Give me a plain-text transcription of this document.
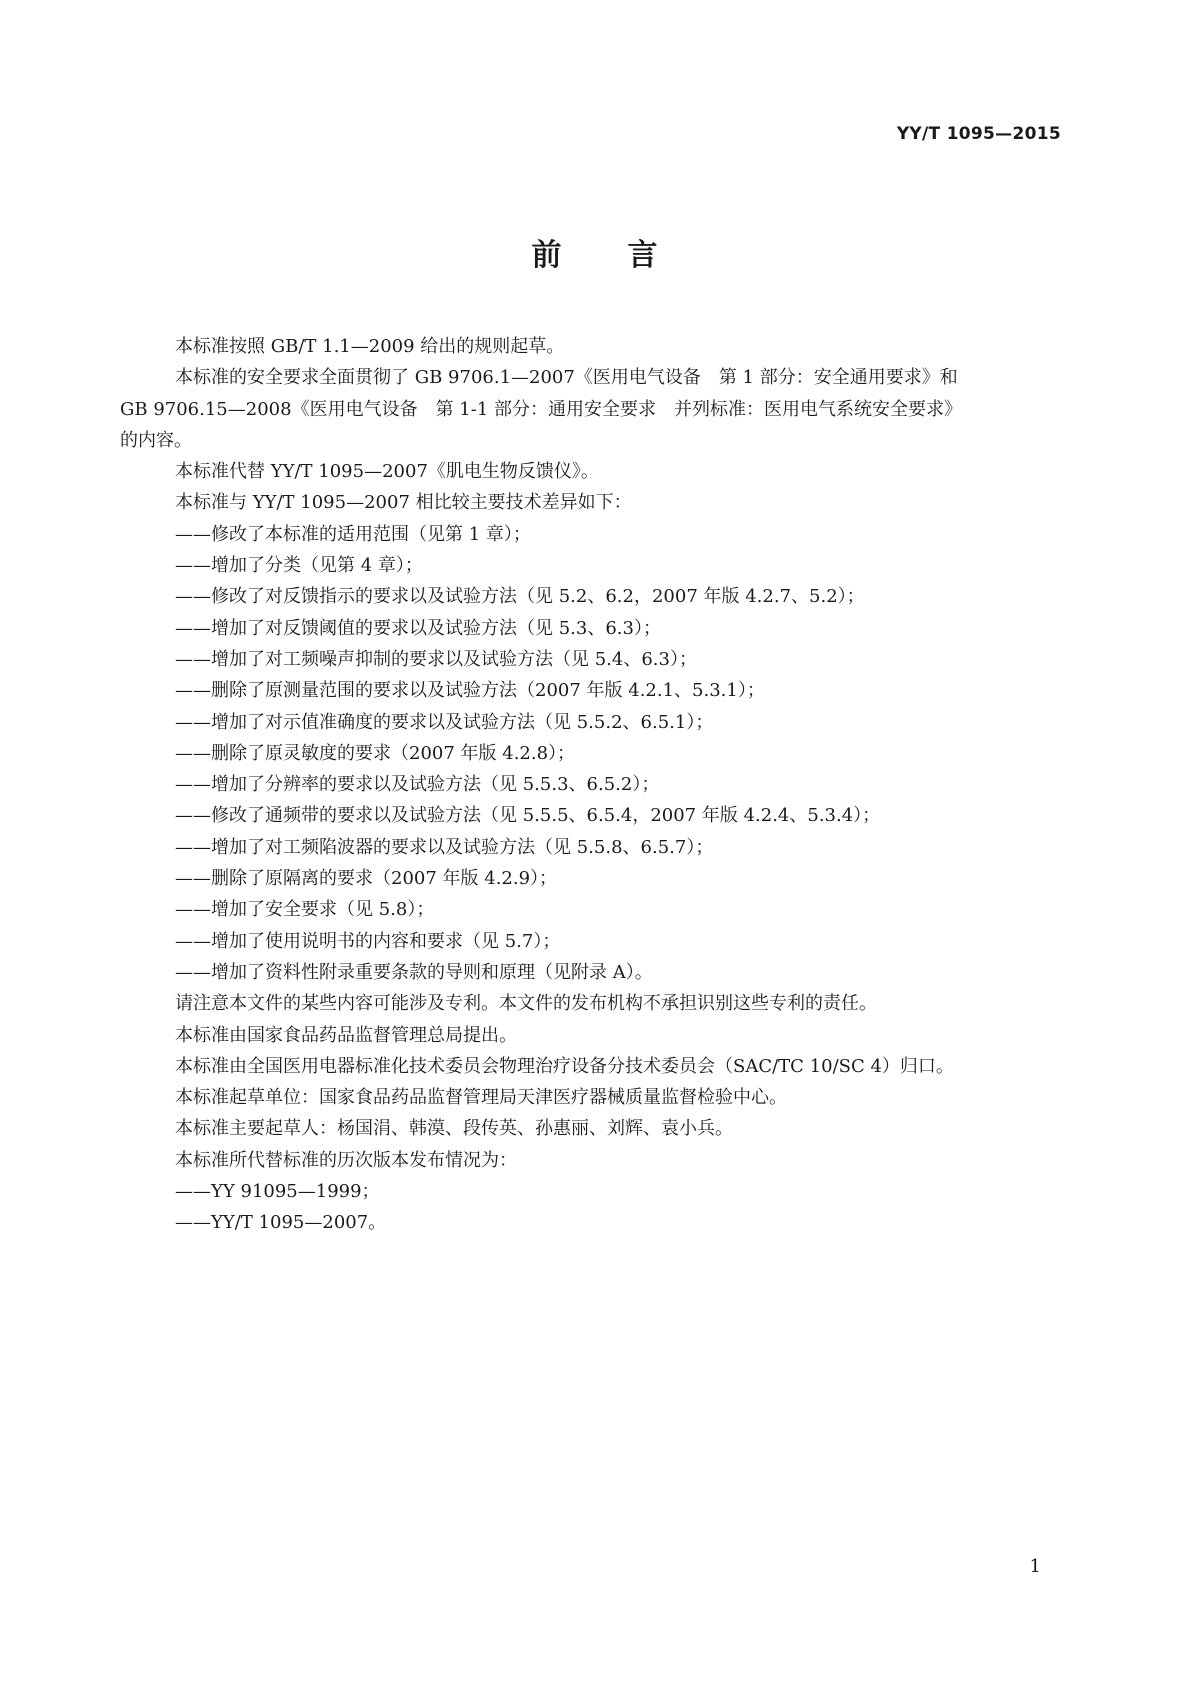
YY/T 1095—2015
前　　言

本标准按照 GB/T 1.1—2009 给出的规则起草。

本标准的安全要求全面贯彻了 GB 9706.1—2007《医用电气设备　第 1 部分：安全通用要求》和

GB 9706.15—2008《医用电气设备　第 1-1 部分：通用安全要求　并列标准：医用电气系统安全要求》

的内容。

本标准代替 YY/T 1095—2007《肌电生物反馈仪》。

本标准与 YY/T 1095—2007 相比较主要技术差异如下：

——修改了本标准的适用范围（见第 1 章）；

——增加了分类（见第 4 章）；

——修改了对反馈指示的要求以及试验方法（见 5.2、6.2，2007 年版 4.2.7、5.2）；

——增加了对反馈阈值的要求以及试验方法（见 5.3、6.3）；

——增加了对工频噪声抑制的要求以及试验方法（见 5.4、6.3）；

——删除了原测量范围的要求以及试验方法（2007 年版 4.2.1、5.3.1）；

——增加了对示值准确度的要求以及试验方法（见 5.5.2、6.5.1）；

——删除了原灵敏度的要求（2007 年版 4.2.8）；

——增加了分辨率的要求以及试验方法（见 5.5.3、6.5.2）；

——修改了通频带的要求以及试验方法（见 5.5.5、6.5.4，2007 年版 4.2.4、5.3.4）；

——增加了对工频陷波器的要求以及试验方法（见 5.5.8、6.5.7）；

——删除了原隔离的要求（2007 年版 4.2.9）；

——增加了安全要求（见 5.8）；

——增加了使用说明书的内容和要求（见 5.7）；

——增加了资料性附录重要条款的导则和原理（见附录 A）。

请注意本文件的某些内容可能涉及专利。本文件的发布机构不承担识别这些专利的责任。

本标准由国家食品药品监督管理总局提出。

本标准由全国医用电器标准化技术委员会物理治疗设备分技术委员会（SAC/TC 10/SC 4）归口。

本标准起草单位：国家食品药品监督管理局天津医疗器械质量监督检验中心。

本标准主要起草人：杨国涓、韩漠、段传英、孙惠丽、刘辉、袁小兵。

本标准所代替标准的历次版本发布情况为：

——YY 91095—1999；

——YY/T 1095—2007。

1
